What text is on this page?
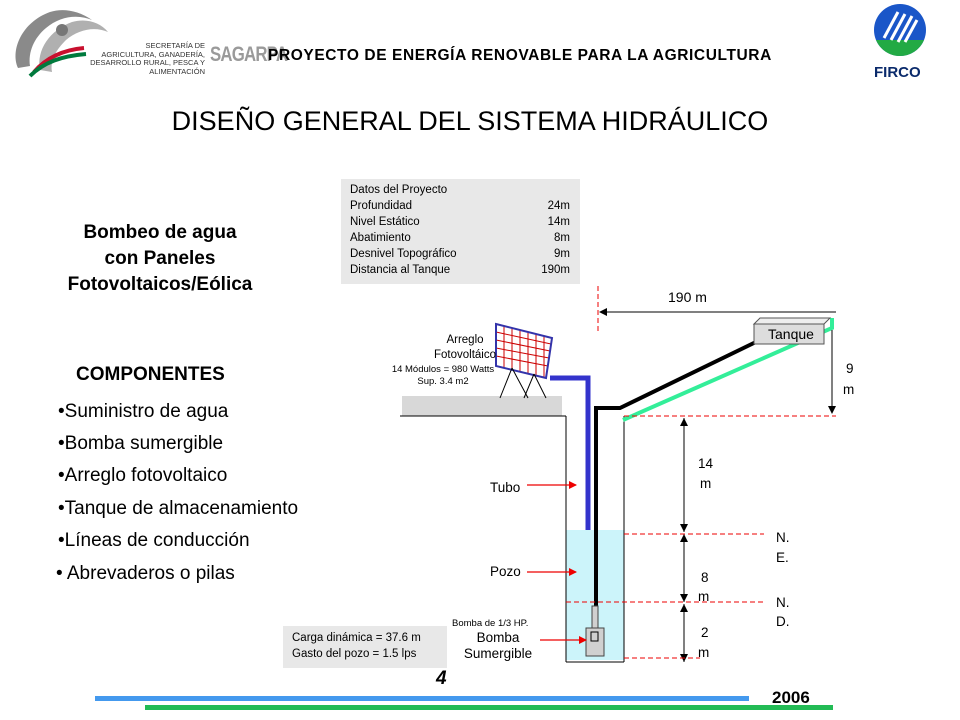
SECRETARÍA DE
AGRICULTURA, GANADERÍA,
DESARROLLO RURAL, PESCA Y ALIMENTACIÓN
SAGARPA
PROYECTO DE ENERGÍA RENOVABLE PARA LA AGRICULTURA
FIRCO
DISEÑO GENERAL DEL SISTEMA HIDRÁULICO
Bombeo de agua
con Paneles
Fotovoltaicos/Eólica
COMPONENTES
•Suministro de agua
•Bomba sumergible
•Arreglo fotovoltaico
•Tanque de almacenamiento
•Líneas de conducción
• Abrevaderos o pilas
Datos del Proyecto
Profundidad	24m
Nivel Estático	14m
Abatimiento	8m
Desnivel Topográfico	9m
Distancia al Tanque	190m
Arreglo
Fotovoltáico
14 Módulos = 980 Watts
Sup. 3.4 m2
190 m
Tanque
9
m
14
m
8
m
2
m
N.
E.
N.
D.
Tubo
Pozo
Bomba de 1/3 HP.
Bomba
Sumergible
Carga dinámica = 37.6 m
Gasto del pozo = 1.5 lps
4
2006
